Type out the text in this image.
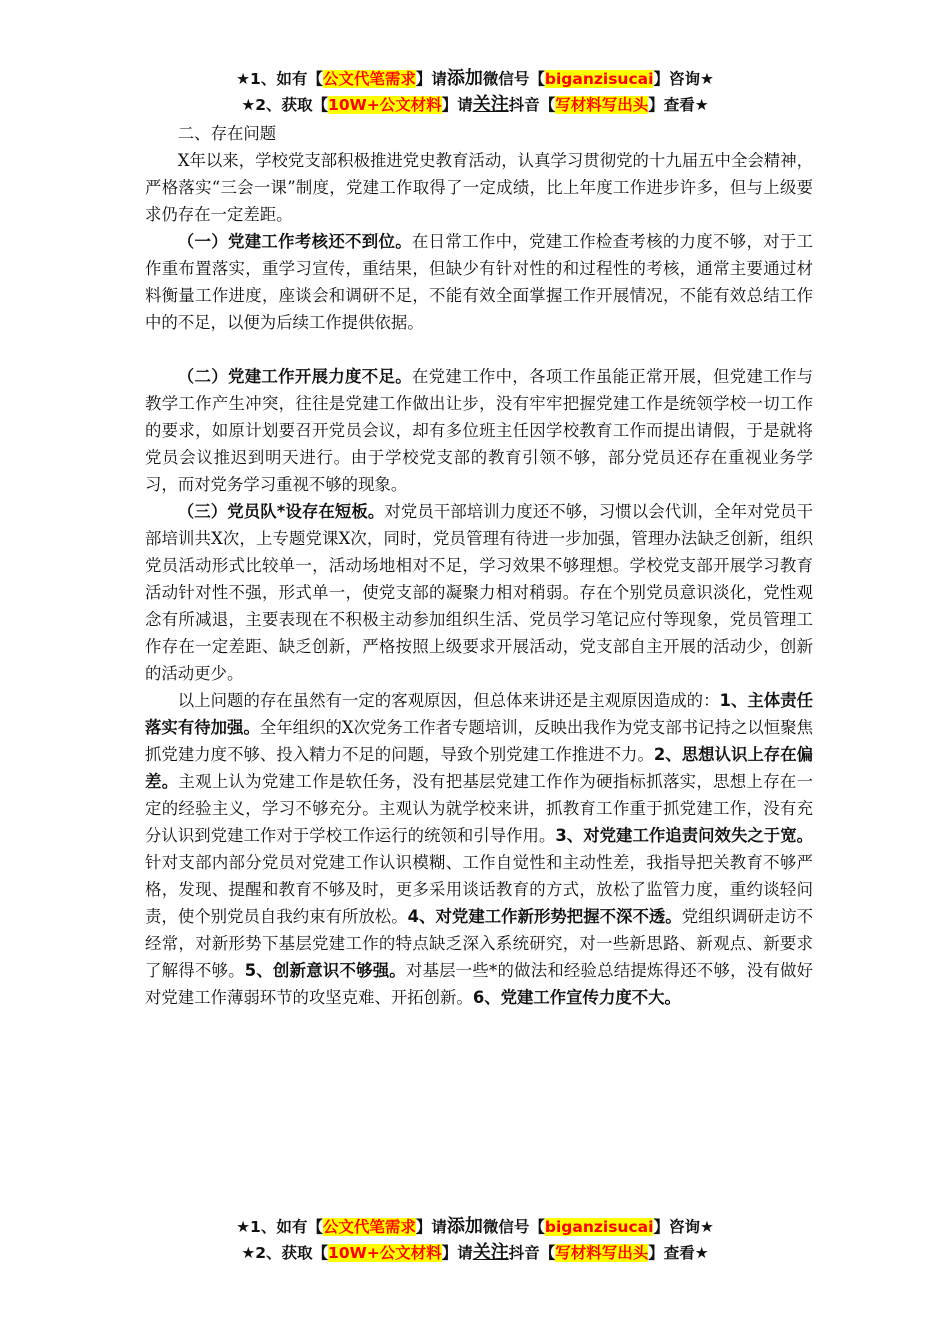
★1、如有【公文代笔需求】请添加微信号【biganzisucai】咨询★
★2、获取【10W+公文材料】请关注抖音【写材料写出头】查看★

二、存在问题

X年以来，学校党支部积极推进党史教育活动，认真学习贯彻党的十九届五中全会精神，严格落实“三会一课”制度，党建工作取得了一定成绩，比上年度工作进步许多，但与上级要求仍存在一定差距。

（一）党建工作考核还不到位。在日常工作中，党建工作检查考核的力度不够，对于工作重布置落实，重学习宣传，重结果，但缺少有针对性的和过程性的考核，通常主要通过材料衡量工作进度，座谈会和调研不足，不能有效全面掌握工作开展情况，不能有效总结工作中的不足，以便为后续工作提供依据。

（二）党建工作开展力度不足。在党建工作中，各项工作虽能正常开展，但党建工作与教学工作产生冲突，往往是党建工作做出让步，没有牢牢把握党建工作是统领学校一切工作的要求，如原计划要召开党员会议，却有多位班主任因学校教育工作而提出请假，于是就将党员会议推迟到明天进行。由于学校党支部的教育引领不够，部分党员还存在重视业务学习，而对党务学习重视不够的现象。

（三）党员队*设存在短板。对党员干部培训力度还不够，习惯以会代训，全年对党员干部培训共X次，上专题党课X次，同时，党员管理有待进一步加强，管理办法缺乏创新，组织党员活动形式比较单一，活动场地相对不足，学习效果不够理想。学校党支部开展学习教育活动针对性不强，形式单一，使党支部的凝聚力相对稍弱。存在个别党员意识淡化，党性观念有所减退，主要表现在不积极主动参加组织生活、党员学习笔记应付等现象，党员管理工作存在一定差距、缺乏创新，严格按照上级要求开展活动，党支部自主开展的活动少，创新的活动更少。

以上问题的存在虽然有一定的客观原因，但总体来讲还是主观原因造成的：1、主体责任落实有待加强。全年组织的X次党务工作者专题培训，反映出我作为党支部书记持之以恒聚焦抓党建力度不够、投入精力不足的问题，导致个别党建工作推进不力。2、思想认识上存在偏差。主观上认为党建工作是软任务，没有把基层党建工作作为硬指标抓落实，思想上存在一定的经验主义，学习不够充分。主观认为就学校来讲，抓教育工作重于抓党建工作，没有充分认识到党建工作对于学校工作运行的统领和引导作用。3、对党建工作追责问效失之于宽。针对支部内部分党员对党建工作认识模糊、工作自觉性和主动性差，我指导把关教育不够严格，发现、提醒和教育不够及时，更多采用谈话教育的方式，放松了监管力度，重约谈轻问责，使个别党员自我约束有所放松。4、对党建工作新形势把握不深不透。党组织调研走访不经常，对新形势下基层党建工作的特点缺乏深入系统研究，对一些新思路、新观点、新要求了解得不够。5、创新意识不够强。对基层一些*的做法和经验总结提炼得还不够，没有做好对党建工作薄弱环节的攻坚克难、开拓创新。6、党建工作宣传力度不大。

★1、如有【公文代笔需求】请添加微信号【biganzisucai】咨询★
★2、获取【10W+公文材料】请关注抖音【写材料写出头】查看★
